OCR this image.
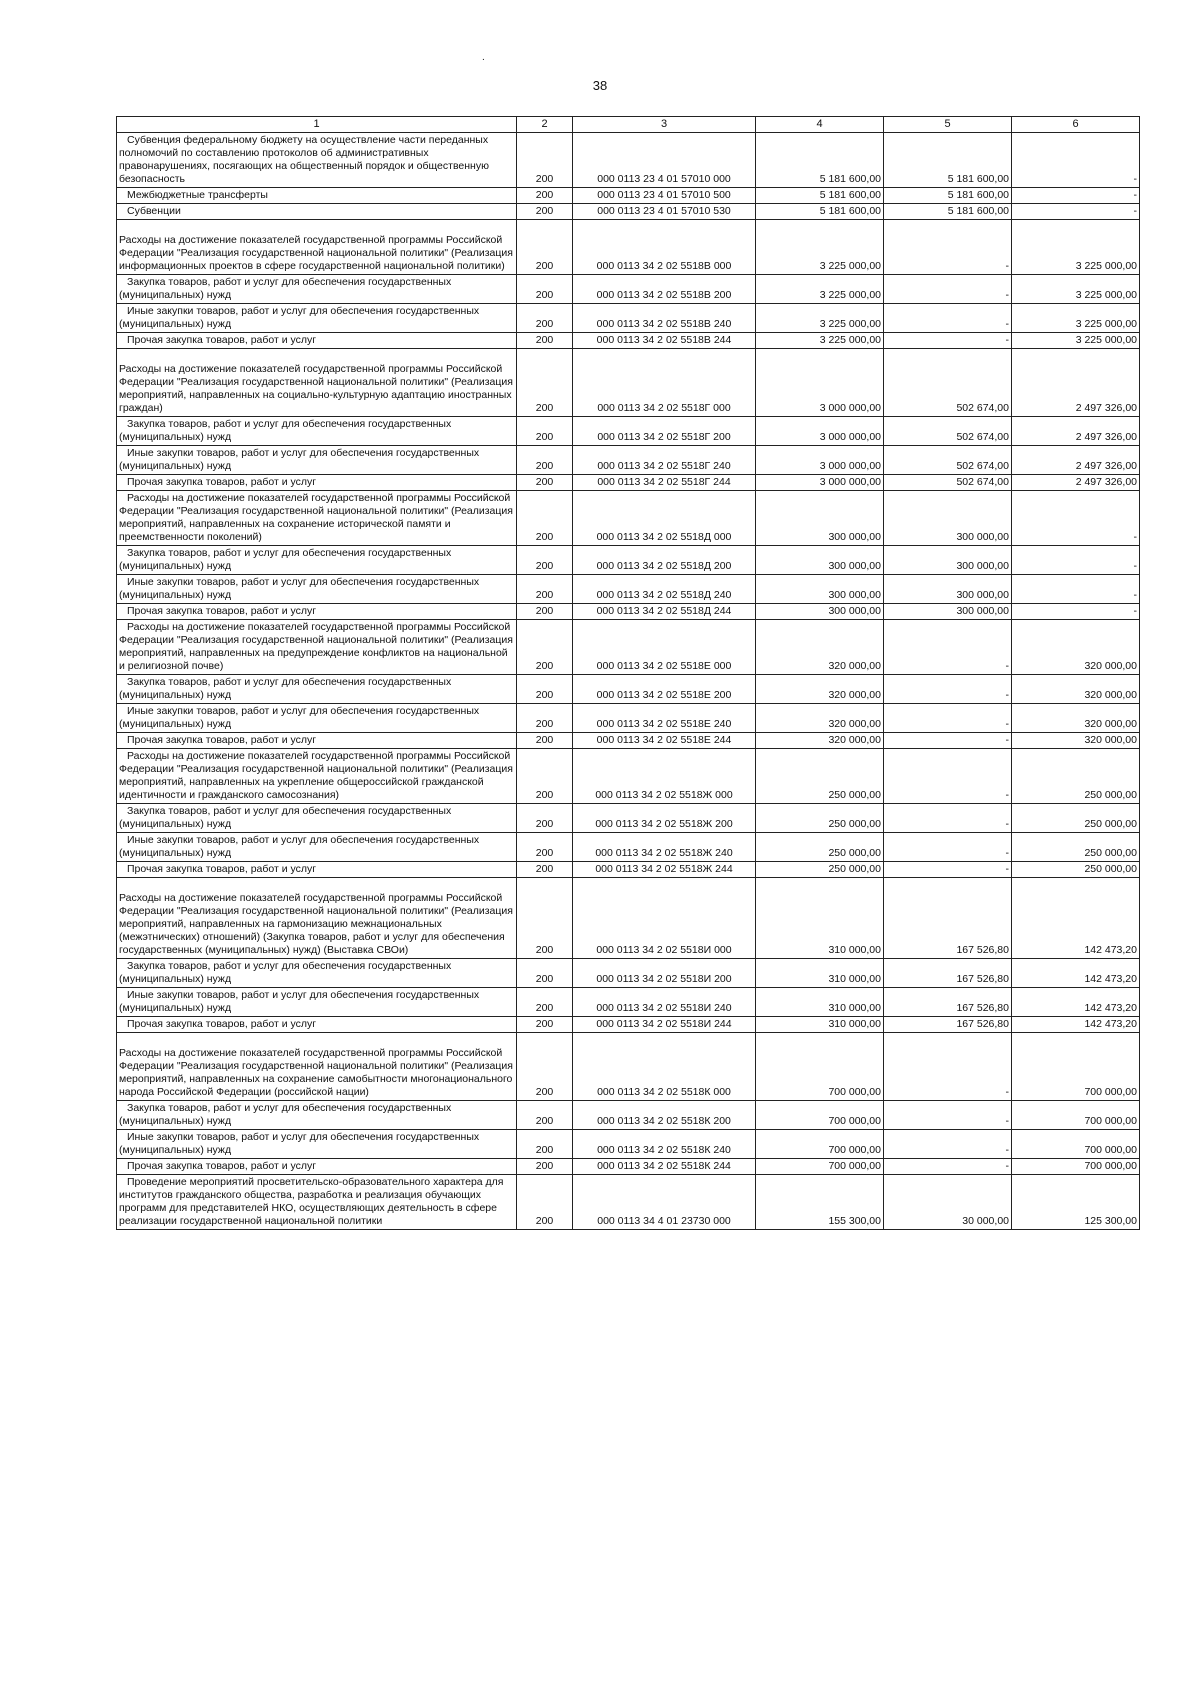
.
38
1	2	3	4	5	6
Субвенция федеральному бюджету на осуществление части переданных полномочий по составлению протоколов об административных правонарушениях, посягающих на общественный порядок и общественную безопасность	200	000 0113 23 4 01 57010 000	5 181 600,00	5 181 600,00	-
Межбюджетные трансферты	200	000 0113 23 4 01 57010 500	5 181 600,00	5 181 600,00	-
Субвенции	200	000 0113 23 4 01 57010 530	5 181 600,00	5 181 600,00	-

Расходы на достижение показателей государственной программы Российской Федерации "Реализация государственной национальной политики" (Реализация информационных проектов в сфере государственной национальной политики)	200	000 0113 34 2 02 5518В 000	3 225 000,00	-	3 225 000,00
Закупка товаров, работ и услуг для обеспечения государственных (муниципальных) нужд	200	000 0113 34 2 02 5518В 200	3 225 000,00	-	3 225 000,00
Иные закупки товаров, работ и услуг для обеспечения государственных (муниципальных) нужд	200	000 0113 34 2 02 5518В 240	3 225 000,00	-	3 225 000,00
Прочая закупка товаров, работ и услуг	200	000 0113 34 2 02 5518В 244	3 225 000,00	-	3 225 000,00

Расходы на достижение показателей государственной программы Российской Федерации "Реализация государственной национальной политики" (Реализация мероприятий, направленных на социально-культурную адаптацию иностранных граждан)	200	000 0113 34 2 02 5518Г 000	3 000 000,00	502 674,00	2 497 326,00
Закупка товаров, работ и услуг для обеспечения государственных (муниципальных) нужд	200	000 0113 34 2 02 5518Г 200	3 000 000,00	502 674,00	2 497 326,00
Иные закупки товаров, работ и услуг для обеспечения государственных (муниципальных) нужд	200	000 0113 34 2 02 5518Г 240	3 000 000,00	502 674,00	2 497 326,00
Прочая закупка товаров, работ и услуг	200	000 0113 34 2 02 5518Г 244	3 000 000,00	502 674,00	2 497 326,00
Расходы на достижение показателей государственной программы Российской Федерации "Реализация государственной национальной политики" (Реализация мероприятий, направленных на сохранение исторической памяти и преемственности поколений)	200	000 0113 34 2 02 5518Д 000	300 000,00	300 000,00	-
Закупка товаров, работ и услуг для обеспечения государственных (муниципальных) нужд	200	000 0113 34 2 02 5518Д 200	300 000,00	300 000,00	-
Иные закупки товаров, работ и услуг для обеспечения государственных (муниципальных) нужд	200	000 0113 34 2 02 5518Д 240	300 000,00	300 000,00	-
Прочая закупка товаров, работ и услуг	200	000 0113 34 2 02 5518Д 244	300 000,00	300 000,00	-
Расходы на достижение показателей государственной программы Российской Федерации "Реализация государственной национальной политики" (Реализация мероприятий, направленных на предупреждение конфликтов на национальной и религиозной почве)	200	000 0113 34 2 02 5518Е 000	320 000,00	-	320 000,00
Закупка товаров, работ и услуг для обеспечения государственных (муниципальных) нужд	200	000 0113 34 2 02 5518Е 200	320 000,00	-	320 000,00
Иные закупки товаров, работ и услуг для обеспечения государственных (муниципальных) нужд	200	000 0113 34 2 02 5518Е 240	320 000,00	-	320 000,00
Прочая закупка товаров, работ и услуг	200	000 0113 34 2 02 5518Е 244	320 000,00	-	320 000,00
Расходы на достижение показателей государственной программы Российской Федерации "Реализация государственной национальной политики" (Реализация мероприятий, направленных на укрепление общероссийской гражданской идентичности и гражданского самосознания)	200	000 0113 34 2 02 5518Ж 000	250 000,00	-	250 000,00
Закупка товаров, работ и услуг для обеспечения государственных (муниципальных) нужд	200	000 0113 34 2 02 5518Ж 200	250 000,00	-	250 000,00
Иные закупки товаров, работ и услуг для обеспечения государственных (муниципальных) нужд	200	000 0113 34 2 02 5518Ж 240	250 000,00	-	250 000,00
Прочая закупка товаров, работ и услуг	200	000 0113 34 2 02 5518Ж 244	250 000,00	-	250 000,00

Расходы на достижение показателей государственной программы Российской Федерации "Реализация государственной национальной политики" (Реализация мероприятий, направленных на гармонизацию межнациональных (межэтнических) отношений) (Закупка товаров, работ и услуг для обеспечения государственных (муниципальных) нужд) (Выставка СВОи)	200	000 0113 34 2 02 5518И 000	310 000,00	167 526,80	142 473,20
Закупка товаров, работ и услуг для обеспечения государственных (муниципальных) нужд	200	000 0113 34 2 02 5518И 200	310 000,00	167 526,80	142 473,20
Иные закупки товаров, работ и услуг для обеспечения государственных (муниципальных) нужд	200	000 0113 34 2 02 5518И 240	310 000,00	167 526,80	142 473,20
Прочая закупка товаров, работ и услуг	200	000 0113 34 2 02 5518И 244	310 000,00	167 526,80	142 473,20

Расходы на достижение показателей государственной программы Российской Федерации "Реализация государственной национальной политики" (Реализация мероприятий, направленных на сохранение самобытности многонационального народа Российской Федерации (российской нации)	200	000 0113 34 2 02 5518К 000	700 000,00	-	700 000,00
Закупка товаров, работ и услуг для обеспечения государственных (муниципальных) нужд	200	000 0113 34 2 02 5518К 200	700 000,00	-	700 000,00
Иные закупки товаров, работ и услуг для обеспечения государственных (муниципальных) нужд	200	000 0113 34 2 02 5518К 240	700 000,00	-	700 000,00
Прочая закупка товаров, работ и услуг	200	000 0113 34 2 02 5518К 244	700 000,00	-	700 000,00
Проведение мероприятий просветительско-образовательного характера для институтов гражданского общества, разработка и реализация обучающих программ для представителей НКО, осуществляющих деятельность в сфере реализации государственной национальной политики	200	000 0113 34 4 01 23730 000	155 300,00	30 000,00	125 300,00
